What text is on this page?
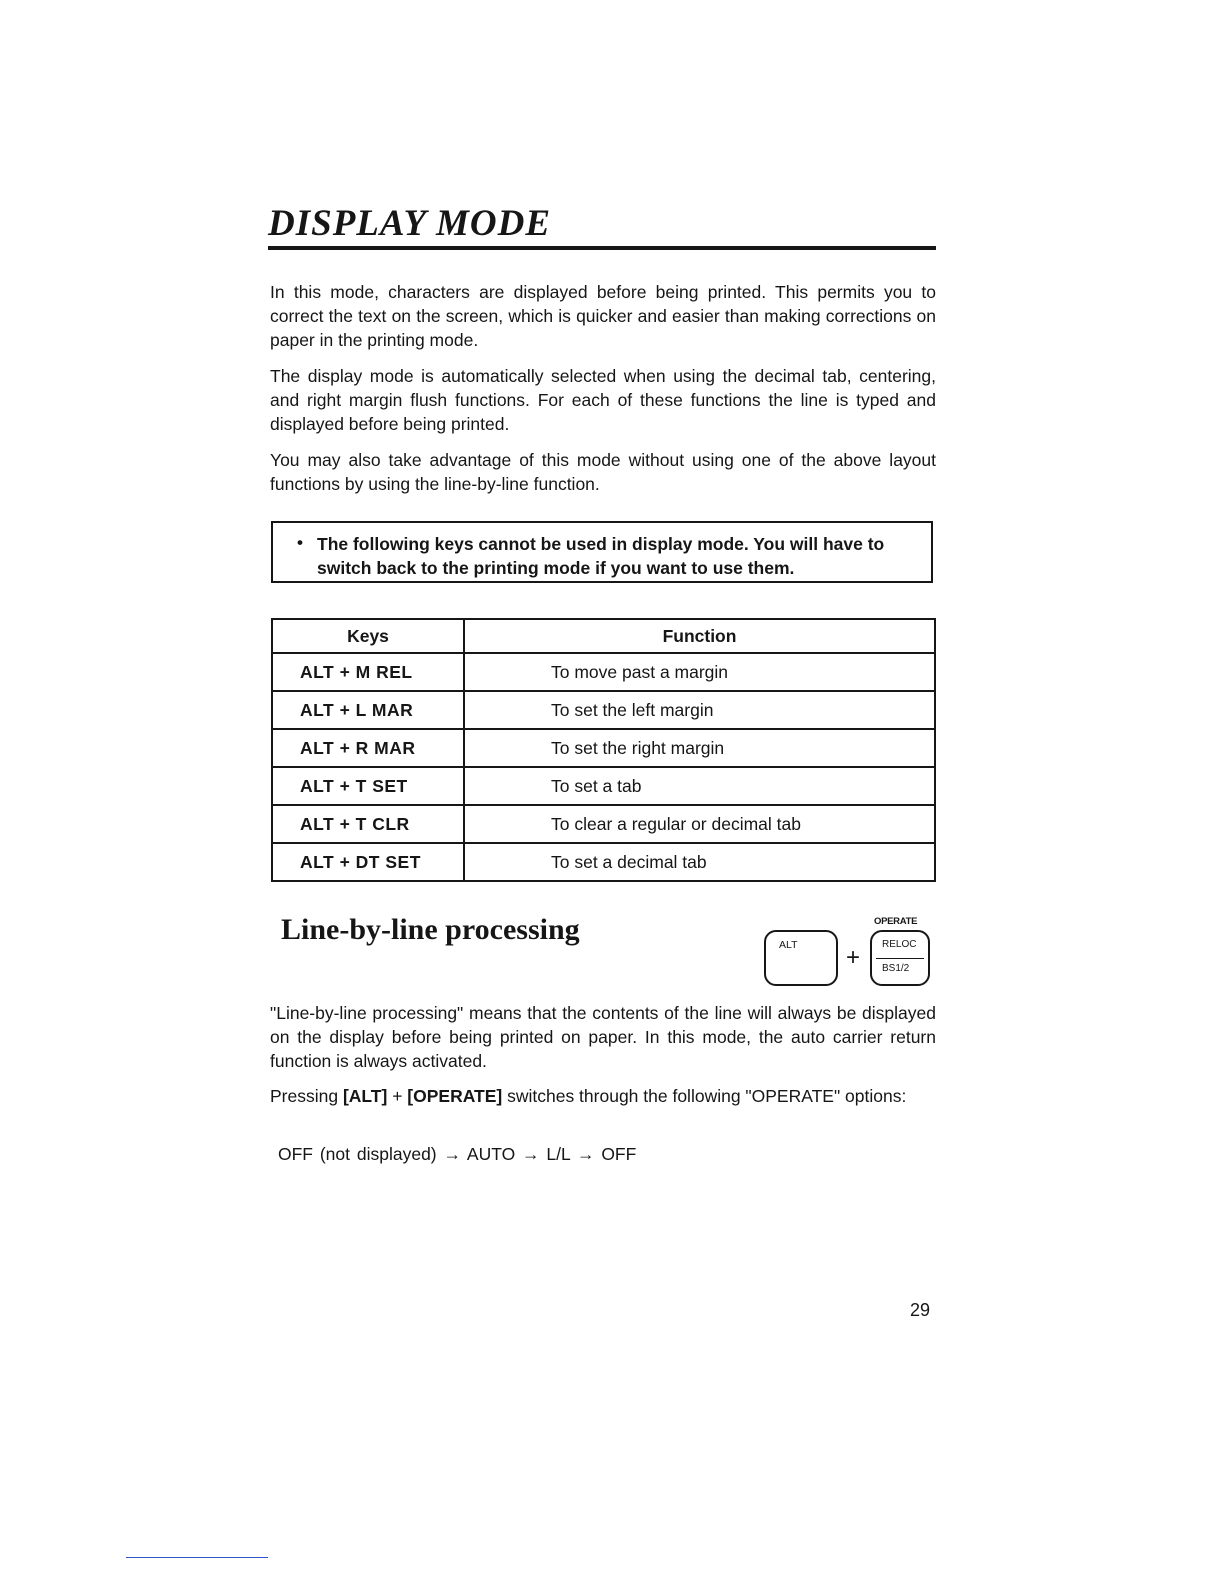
DISPLAY MODE

In this mode, characters are displayed before being printed. This permits you to correct the text on the screen, which is quicker and easier than making corrections on paper in the printing mode.

The display mode is automatically selected when using the decimal tab, centering, and right margin flush functions. For each of these functions the line is typed and displayed before being printed.

You may also take advantage of this mode without using one of the above layout functions by using the line-by-line function.

• The following keys cannot be used in display mode. You will have to switch back to the printing mode if you want to use them.
Keys	Function
ALT + M REL	To move past a margin
ALT + L MAR	To set the left margin
ALT + R MAR	To set the right margin
ALT + T SET	To set a tab
ALT + T CLR	To clear a regular or decimal tab
ALT + DT SET	To set a decimal tab
Line-by-line processing	OPERATE
ALT + RELOC
BS1/2

"Line-by-line processing" means that the contents of the line will always be displayed on the display before being printed on paper. In this mode, the auto carrier return function is always activated.

Pressing [ALT] + [OPERATE] switches through the following "OPERATE" options:

OFF (not displayed) → AUTO → L/L → OFF
29
